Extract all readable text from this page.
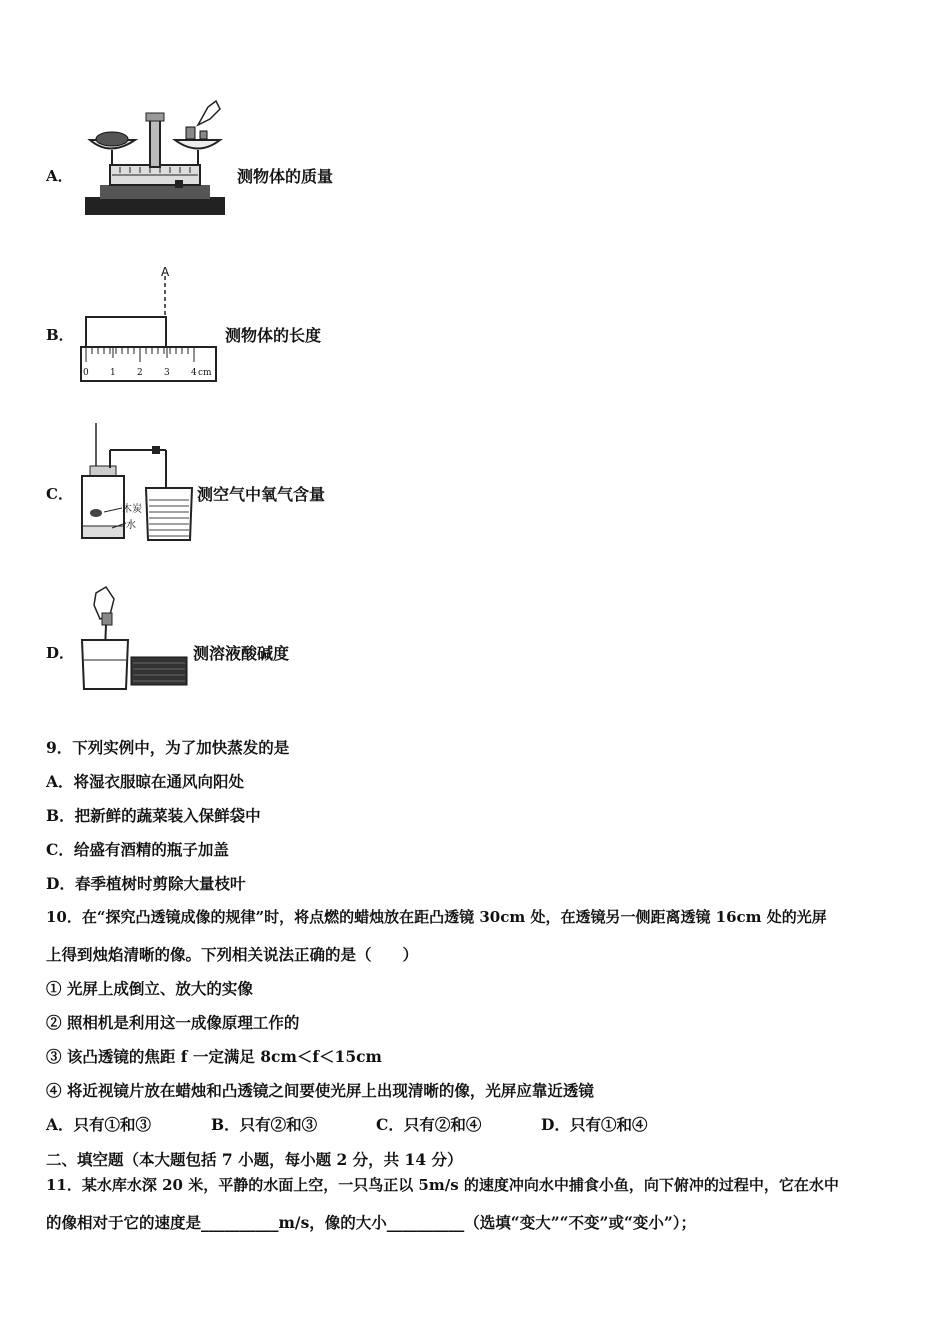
A．	测物体的质量
B．
A
0 1 2 3 4 cm
测物体的长度
C．
木炭
水
测空气中氧气含量
D．	测溶液酸碱度
9．下列实例中，为了加快蒸发的是
A．将湿衣服晾在通风向阳处
B．把新鲜的蔬菜装入保鲜袋中
C．给盛有酒精的瓶子加盖
D．春季植树时剪除大量枝叶
10．在“探究凸透镜成像的规律”时，将点燃的蜡烛放在距凸透镜 30cm 处，在透镜另一侧距离透镜 16cm 处的光屏
上得到烛焰清晰的像。下列相关说法正确的是（　　）
① 光屏上成倒立、放大的实像
② 照相机是利用这一成像原理工作的
③ 该凸透镜的焦距 f 一定满足 8cm＜f＜15cm
④ 将近视镜片放在蜡烛和凸透镜之间要使光屏上出现清晰的像，光屏应靠近透镜
A．只有①和③	B．只有②和③	C．只有②和④	D．只有①和④
二、填空题（本大题包括 7 小题，每小题 2 分，共 14 分）
11．某水库水深 20 米，平静的水面上空，一只鸟正以 5m/s 的速度冲向水中捕食小鱼，向下俯冲的过程中，它在水中
的像相对于它的速度是__________m/s，像的大小__________（选填“变大”“不变”或“变小”）；
